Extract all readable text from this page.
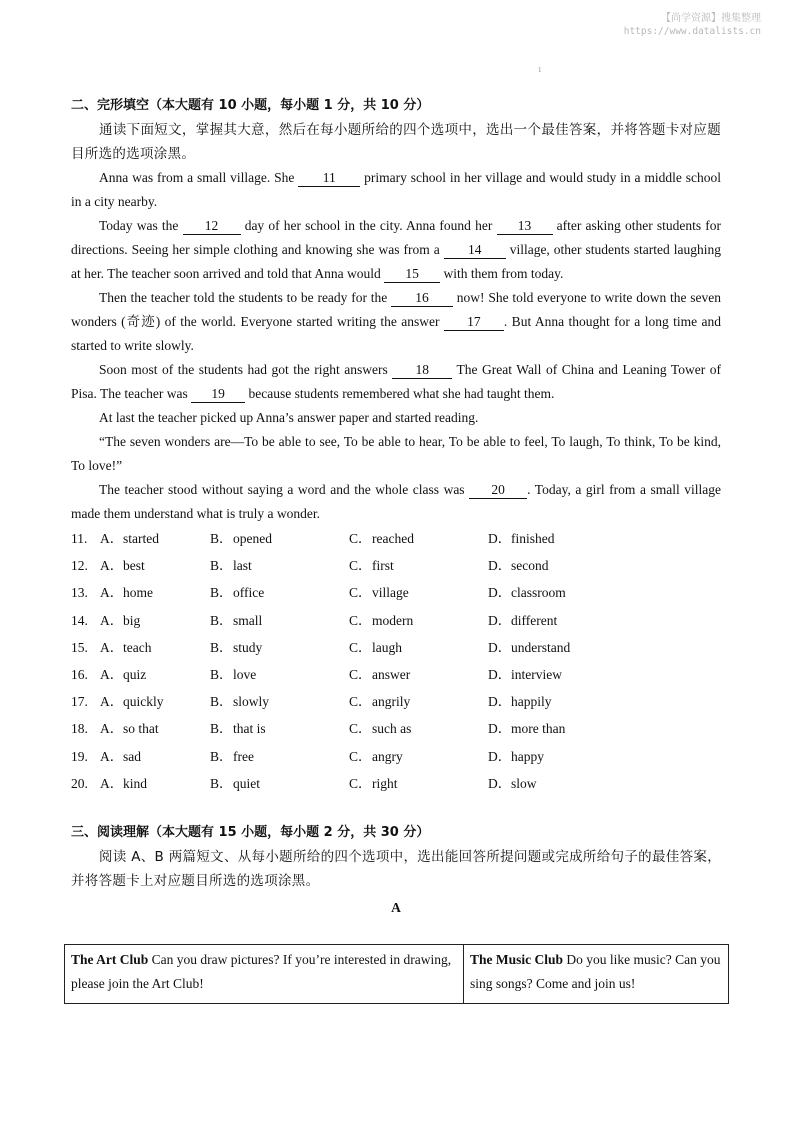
【尚学资源】搜集整理
https://www.datalists.cn
1
二、完形填空（本大题有 10 小题，每小题 1 分，共 10 分）

通读下面短文，掌握其大意，然后在每小题所给的四个选项中，选出一个最佳答案，并将答题卡对应题目所选的选项涂黑。

Anna was from a small village. She 11 primary school in her village and would study in a middle school in a city nearby.

Today was the 12 day of her school in the city. Anna found her 13 after asking other students for directions. Seeing her simple clothing and knowing she was from a 14 village, other students started laughing at her. The teacher soon arrived and told that Anna would 15 with them from today.

Then the teacher told the students to be ready for the 16 now! She told everyone to write down the seven wonders (奇迹) of the world. Everyone started writing the answer 17 . But Anna thought for a long time and started to write slowly.

Soon most of the students had got the right answers 18 The Great Wall of China and Leaning Tower of Pisa. The teacher was 19 because students remembered what she had taught them.

At last the teacher picked up Anna’s answer paper and started reading.

“The seven wonders are—To be able to see, To be able to hear, To be able to feel, To laugh, To think, To be kind, To love!”

The teacher stood without saying a word and the whole class was 20 . Today, a girl from a small village made them understand what is truly a wonder.

11. A． started	B． opened	C． reached	D． finished
12. A． best	B． last	C． first	D． second
13. A． home	B． office	C． village	D． classroom
14. A． big	B． small	C． modern	D． different
15. A． teach	B． study	C． laugh	D． understand
16. A． quiz	B． love	C． answer	D． interview
17. A． quickly	B． slowly	C． angrily	D． happily
18. A． so that	B． that is	C． such as	D． more than
19. A． sad	B． free	C． angry	D． happy
20. A． kind	B． quiet	C． right	D． slow
三、阅读理解（本大题有 15 小题，每小题 2 分，共 30 分）

阅读 A、B 两篇短文、从每小题所给的四个选项中，选出能回答所提问题或完成所给句子的最佳答案，并将答题卡上对应题目所选的选项涂黑。

A
The Art Club Can you draw pictures? If you’re interested in drawing, please join the Art Club!
The Music Club Do you like music? Can you sing songs? Come and join us!
